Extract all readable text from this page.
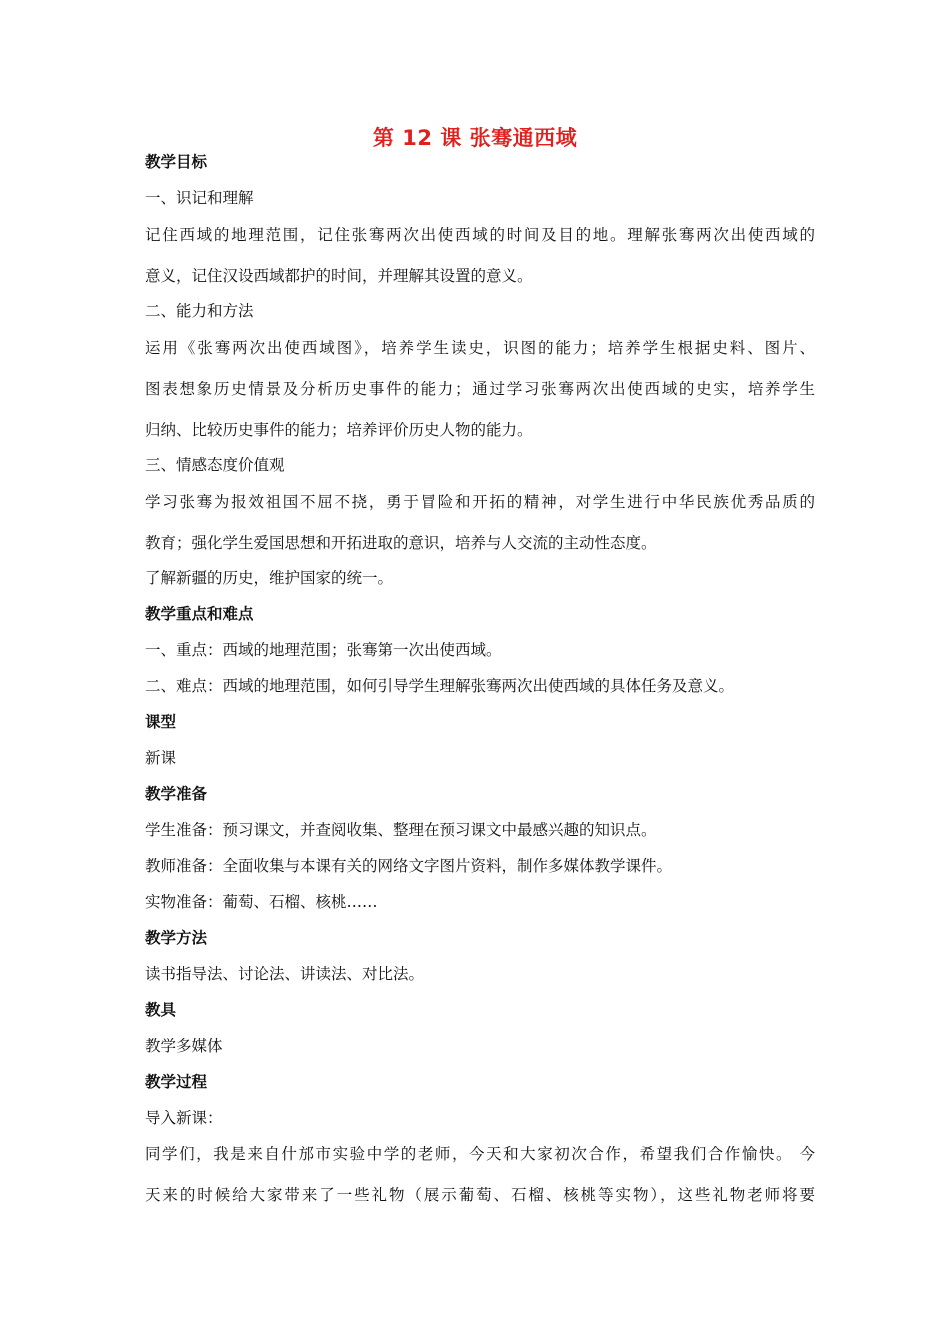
第 12 课 张骞通西域
教学目标
一、识记和理解
记住西域的地理范围，记住张骞两次出使西域的时间及目的地。理解张骞两次出使西域的
意义，记住汉设西域都护的时间，并理解其设置的意义。
二、能力和方法
运用《张骞两次出使西域图》，培养学生读史，识图的能力；培养学生根据史料、图片、
图表想象历史情景及分析历史事件的能力；通过学习张骞两次出使西域的史实，培养学生
归纳、比较历史事件的能力；培养评价历史人物的能力。
三、情感态度价值观
学习张骞为报效祖国不屈不挠，勇于冒险和开拓的精神，对学生进行中华民族优秀品质的
教育；强化学生爱国思想和开拓进取的意识，培养与人交流的主动性态度。
了解新疆的历史，维护国家的统一。
教学重点和难点
一、重点：西域的地理范围；张骞第一次出使西域。
二、难点：西域的地理范围，如何引导学生理解张骞两次出使西域的具体任务及意义。
课型
新课
教学准备
学生准备：预习课文，并查阅收集、整理在预习课文中最感兴趣的知识点。
教师准备：全面收集与本课有关的网络文字图片资料，制作多媒体教学课件。
实物准备：葡萄、石榴、核桃……
教学方法
读书指导法、讨论法、讲读法、对比法。
教具
教学多媒体
教学过程
导入新课：
同学们，我是来自什邡市实验中学的老师，今天和大家初次合作，希望我们合作愉快。 今
天来的时候给大家带来了一些礼物（展示葡萄、石榴、核桃等实物），这些礼物老师将要
